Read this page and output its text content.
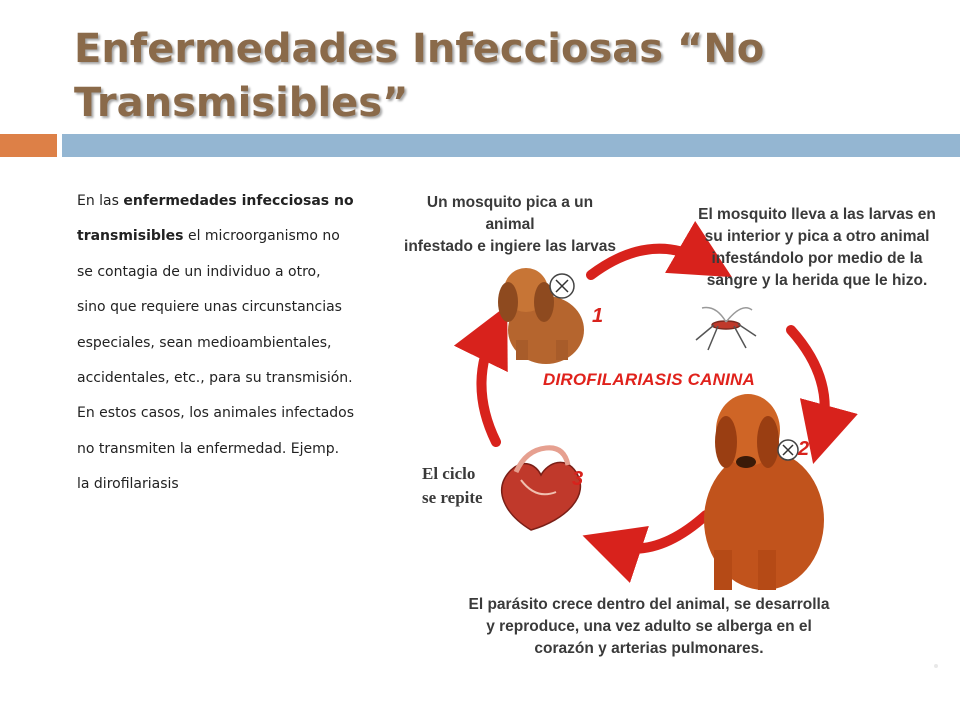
Enfermedades Infecciosas “No
Transmisibles”
En las enfermedades infecciosas no
transmisibles el microorganismo no
se contagia de un individuo a otro,
sino que requiere unas circunstancias
especiales, sean medioambientales,
accidentales, etc., para su transmisión.
En estos casos, los animales infectados
no transmiten la enfermedad. Ejemp.
la dirofilariasis

Un mosquito pica a un animal
infestado e ingiere las larvas

El mosquito lleva a las larvas en
su interior y pica a otro animal
infestándolo por medio de la
sangre y la herida que le hizo.

DIROFILARIASIS CANINA

El ciclo
se repite

El parásito crece dentro del animal, se desarrolla
y reproduce, una vez adulto se alberga en el
corazón y arterias pulmonares.

1

2

3
